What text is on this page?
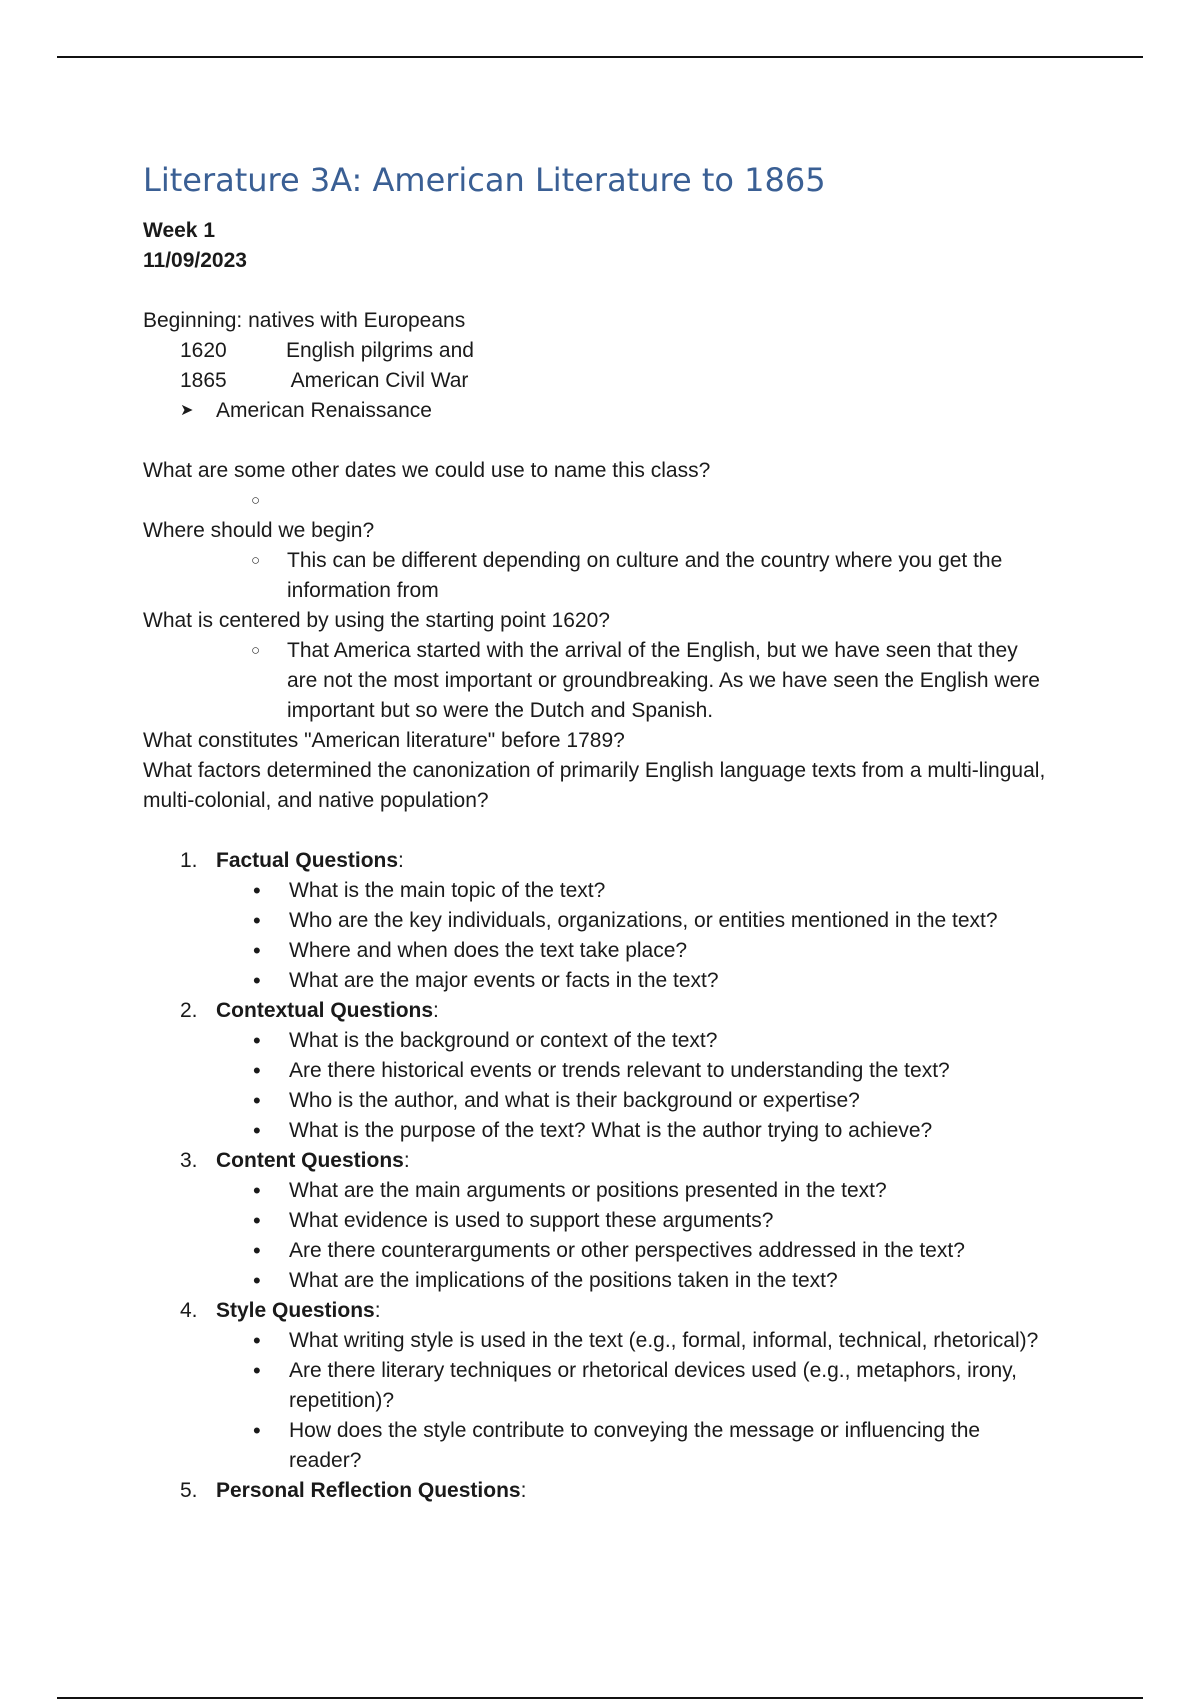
Literature 3A: American Literature to 1865
Week 1
11/09/2023
Beginning: natives with Europeans
1620	English pilgrims and
1865	American Civil War
➤	American Renaissance
What are some other dates we could use to name this class?
○
Where should we begin?
○	This can be different depending on culture and the country where you get the information from
What is centered by using the starting point 1620?
○	That America started with the arrival of the English, but we have seen that they are not the most important or groundbreaking. As we have seen the English were important but so were the Dutch and Spanish.
What constitutes "American literature" before 1789?
What factors determined the canonization of primarily English language texts from a multi-lingual, multi-colonial, and native population?
1. Factual Questions:
•	What is the main topic of the text?
•	Who are the key individuals, organizations, or entities mentioned in the text?
•	Where and when does the text take place?
•	What are the major events or facts in the text?
2. Contextual Questions:
•	What is the background or context of the text?
•	Are there historical events or trends relevant to understanding the text?
•	Who is the author, and what is their background or expertise?
•	What is the purpose of the text? What is the author trying to achieve?
3. Content Questions:
•	What are the main arguments or positions presented in the text?
•	What evidence is used to support these arguments?
•	Are there counterarguments or other perspectives addressed in the text?
•	What are the implications of the positions taken in the text?
4. Style Questions:
•	What writing style is used in the text (e.g., formal, informal, technical, rhetorical)?
•	Are there literary techniques or rhetorical devices used (e.g., metaphors, irony, repetition)?
•	How does the style contribute to conveying the message or influencing the reader?
5. Personal Reflection Questions:
